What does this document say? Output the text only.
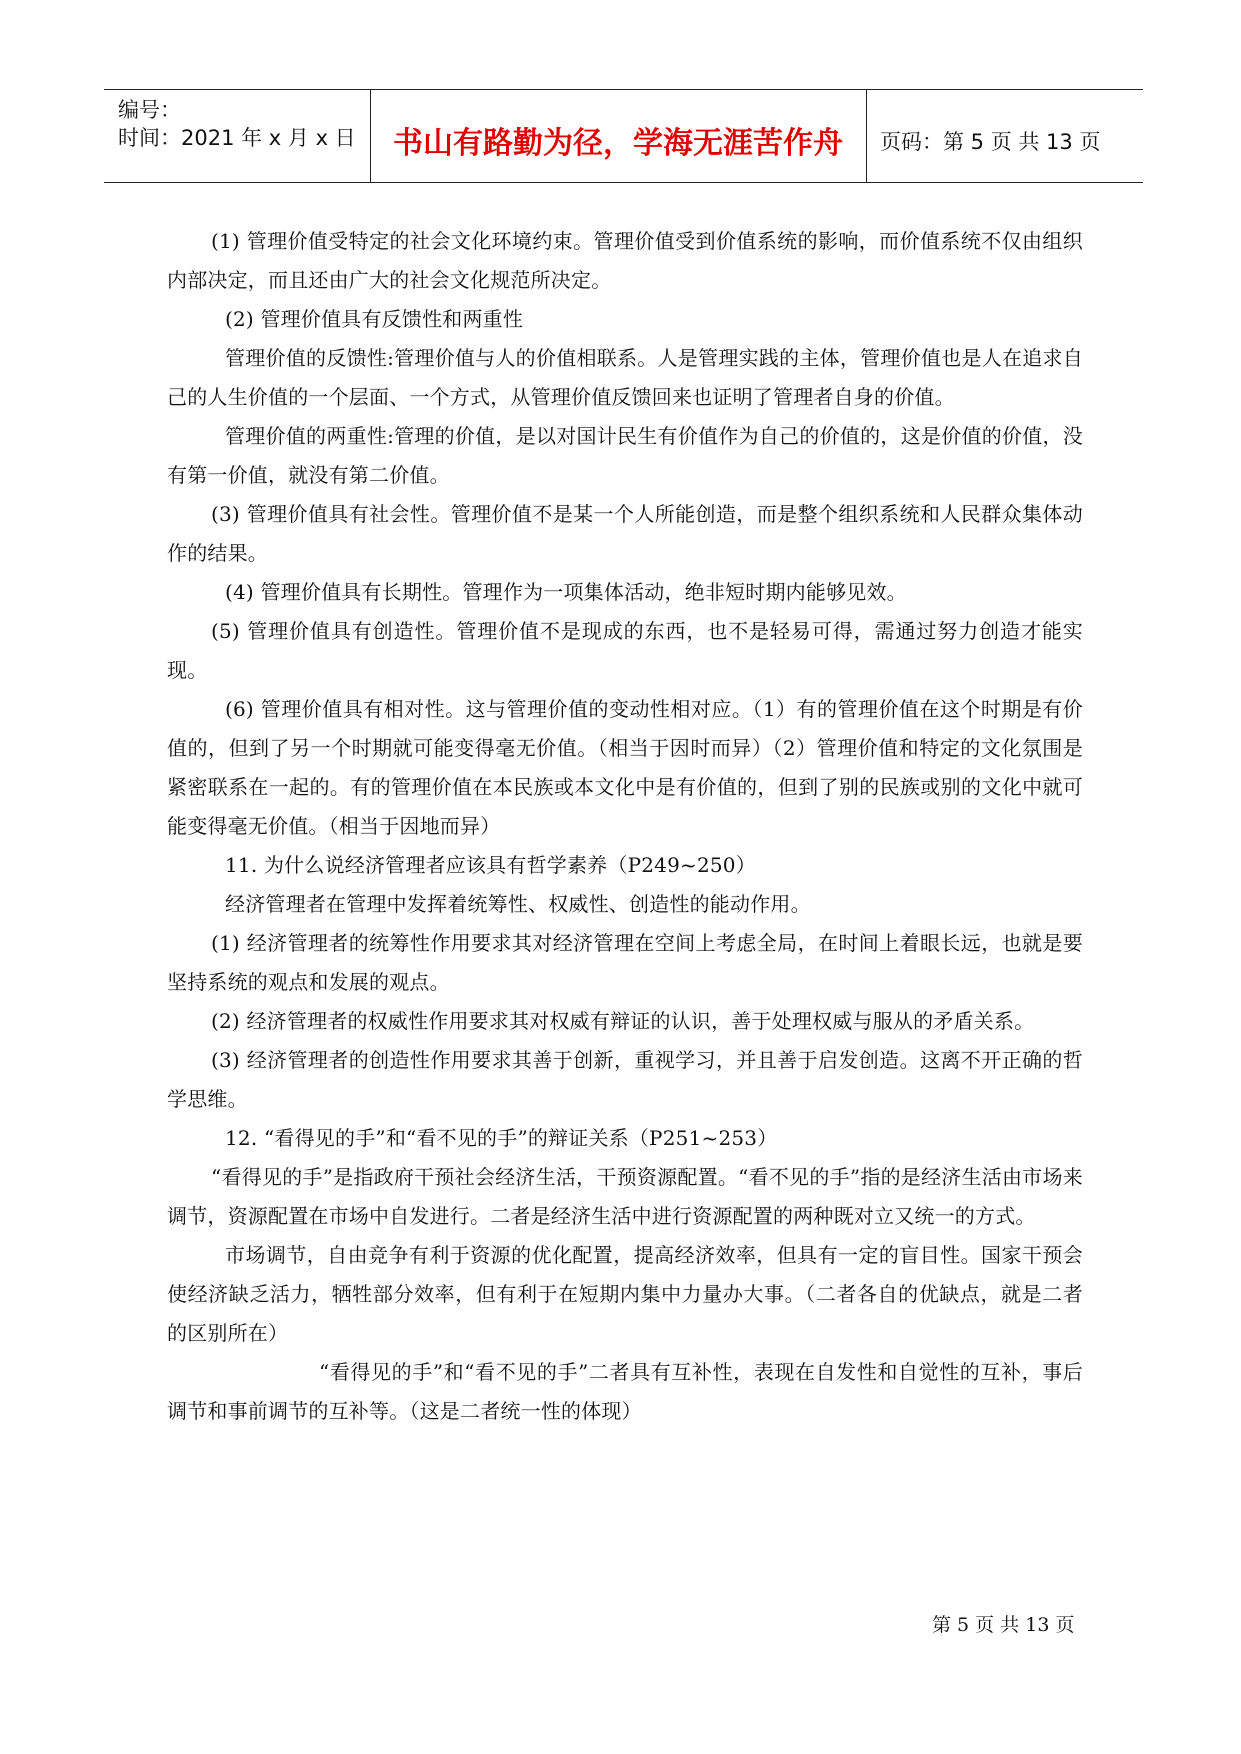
编号：
时间：2021 年 x 月 x 日	书山有路勤为径，学海无涯苦作舟	页码：第 5 页 共 13 页

(1) 管理价值受特定的社会文化环境约束。管理价值受到价值系统的影响，而价值系统不仅由组织内部决定，而且还由广大的社会文化规范所决定。

(2) 管理价值具有反馈性和两重性

管理价值的反馈性:管理价值与人的价值相联系。人是管理实践的主体，管理价值也是人在追求自己的人生价值的一个层面、一个方式，从管理价值反馈回来也证明了管理者自身的价值。

管理价值的两重性:管理的价值，是以对国计民生有价值作为自己的价值的，这是价值的价值，没有第一价值，就没有第二价值。

(3) 管理价值具有社会性。管理价值不是某一个人所能创造，而是整个组织系统和人民群众集体动作的结果。

(4) 管理价值具有长期性。管理作为一项集体活动，绝非短时期内能够见效。

(5) 管理价值具有创造性。管理价值不是现成的东西，也不是轻易可得，需通过努力创造才能实现。

(6) 管理价值具有相对性。这与管理价值的变动性相对应。（1）有的管理价值在这个时期是有价值的，但到了另一个时期就可能变得毫无价值。（相当于因时而异）（2）管理价值和特定的文化氛围是紧密联系在一起的。有的管理价值在本民族或本文化中是有价值的，但到了别的民族或别的文化中就可能变得毫无价值。（相当于因地而异）

11. 为什么说经济管理者应该具有哲学素养（P249~250）

经济管理者在管理中发挥着统筹性、权威性、创造性的能动作用。

(1) 经济管理者的统筹性作用要求其对经济管理在空间上考虑全局，在时间上着眼长远，也就是要坚持系统的观点和发展的观点。

(2) 经济管理者的权威性作用要求其对权威有辩证的认识，善于处理权威与服从的矛盾关系。

(3) 经济管理者的创造性作用要求其善于创新，重视学习，并且善于启发创造。这离不开正确的哲学思维。

12. “看得见的手”和“看不见的手”的辩证关系（P251~253）

“看得见的手”是指政府干预社会经济生活，干预资源配置。“看不见的手”指的是经济生活由市场来调节，资源配置在市场中自发进行。二者是经济生活中进行资源配置的两种既对立又统一的方式。

市场调节，自由竞争有利于资源的优化配置，提高经济效率，但具有一定的盲目性。国家干预会使经济缺乏活力，牺牲部分效率，但有利于在短期内集中力量办大事。（二者各自的优缺点，就是二者的区别所在）

“看得见的手”和“看不见的手”二者具有互补性，表现在自发性和自觉性的互补，事后调节和事前调节的互补等。（这是二者统一性的体现）

第 5 页 共 13 页
